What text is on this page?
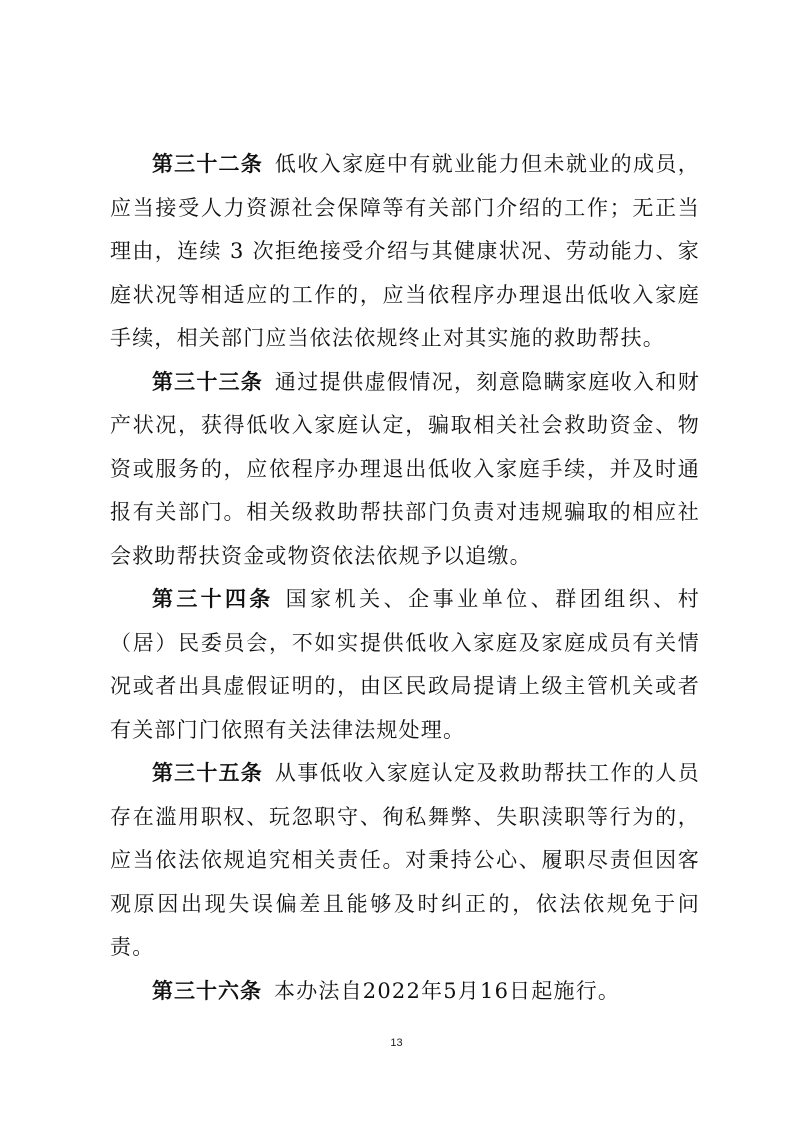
第三十二条 低收入家庭中有就业能力但未就业的成员，应当接受人力资源社会保障等有关部门介绍的工作；无正当理由，连续 3 次拒绝接受介绍与其健康状况、劳动能力、家庭状况等相适应的工作的，应当依程序办理退出低收入家庭手续，相关部门应当依法依规终止对其实施的救助帮扶。

第三十三条 通过提供虚假情况，刻意隐瞒家庭收入和财产状况，获得低收入家庭认定，骗取相关社会救助资金、物资或服务的，应依程序办理退出低收入家庭手续，并及时通报有关部门。相关级救助帮扶部门负责对违规骗取的相应社会救助帮扶资金或物资依法依规予以追缴。

第三十四条 国家机关、企事业单位、群团组织、村（居）民委员会，不如实提供低收入家庭及家庭成员有关情况或者出具虚假证明的，由区民政局提请上级主管机关或者有关部门门依照有关法律法规处理。

第三十五条 从事低收入家庭认定及救助帮扶工作的人员存在滥用职权、玩忽职守、徇私舞弊、失职渎职等行为的，应当依法依规追究相关责任。对秉持公心、履职尽责但因客观原因出现失误偏差且能够及时纠正的，依法依规免于问责。

第三十六条 本办法自2022年5月16日起施行。

13
